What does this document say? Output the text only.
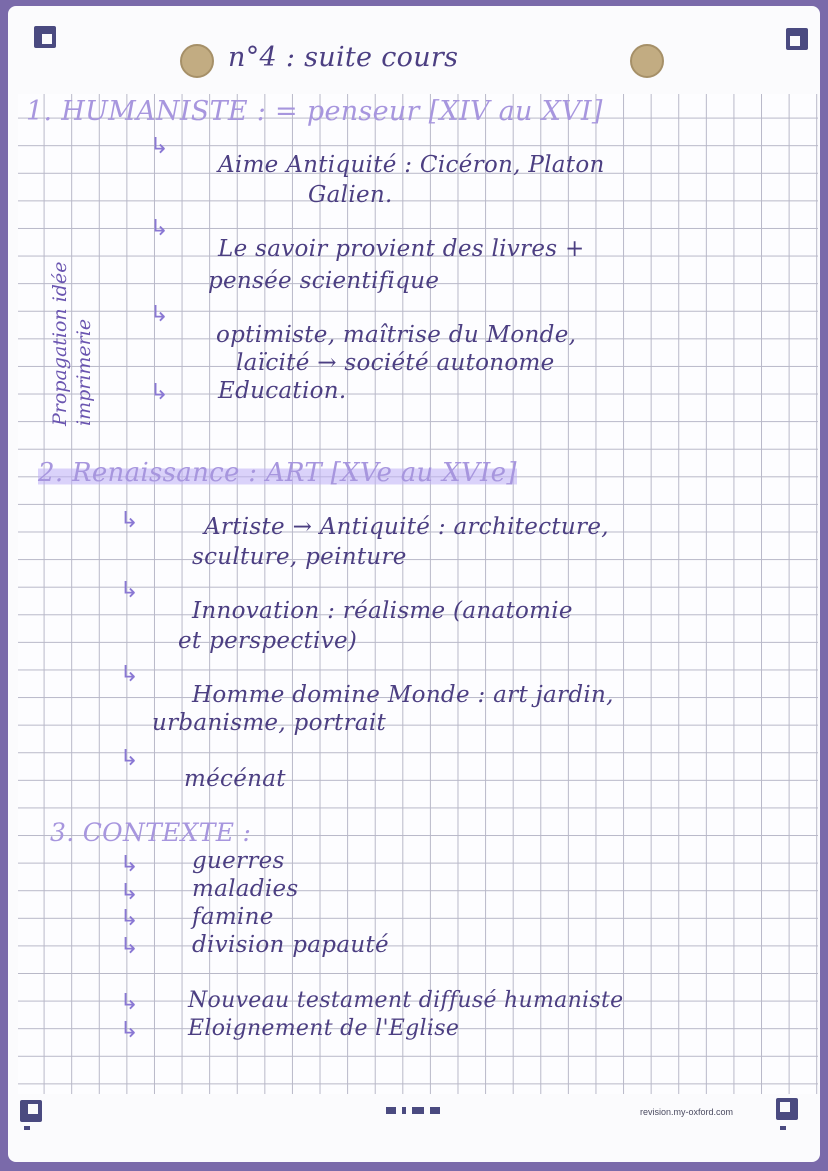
n°4 : suite cours
Propagation idée imprimerie
1. HUMANISTE : = penseur [XIV au XVI]
↳
Aime Antiquité : Cicéron, Platon
Galien.
↳
Le savoir provient des livres +
pensée scientifique
↳
optimiste, maîtrise du Monde,
laïcité → société autonome
↳ Education.
2. Renaissance : ART [XVe au XVIe]
↳	Artiste → Antiquité : architecture,
sculture, peinture
↳
Innovation : réalisme (anatomie
et perspective)
↳
Homme domine Monde : art jardin,
urbanisme, portrait
↳
mécénat
3. CONTEXTE :
↳ guerres
↳ maladies
↳ famine
↳ division papauté
↳ Nouveau testament diffusé humaniste
↳ Eloignement de l'Eglise
revision.my-oxford.com
